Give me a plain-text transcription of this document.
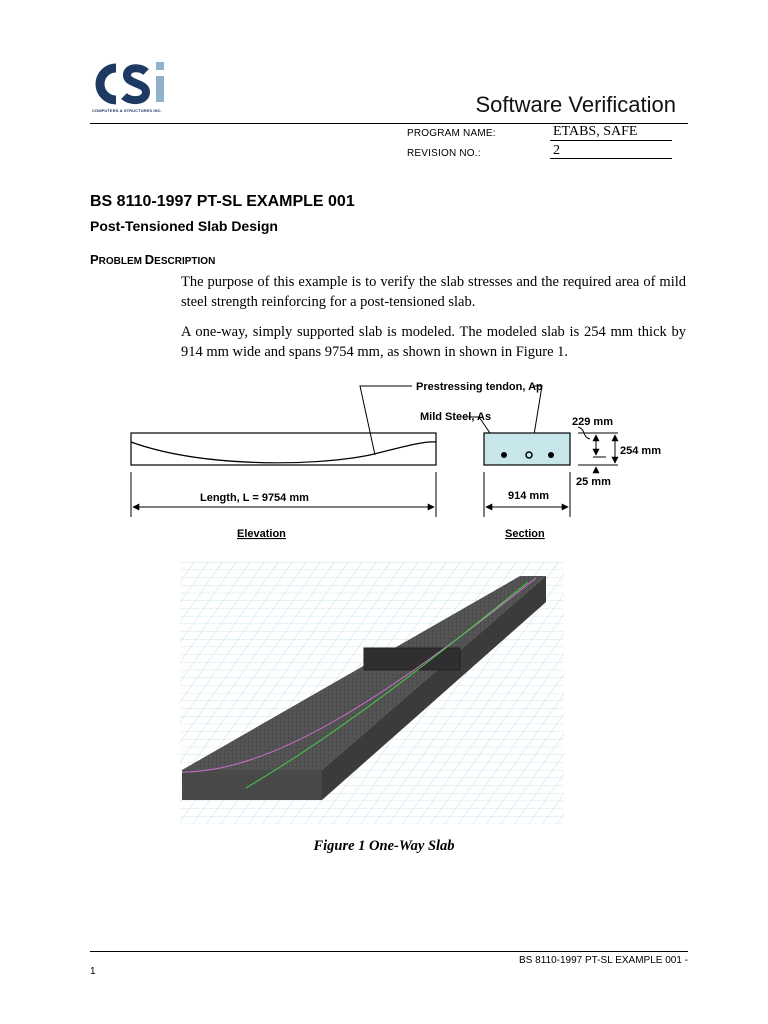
COMPUTERS & STRUCTURES INC.	Software Verification
PROGRAM NAME:	ETABS, SAFE
REVISION NO.:	2
BS 8110-1997 PT-SL EXAMPLE 001
Post-Tensioned Slab Design
PROBLEM DESCRIPTION
The purpose of this example is to verify the slab stresses and the required area of mild steel strength reinforcing for a post-tensioned slab.
A one-way, simply supported slab is modeled. The modeled slab is 254 mm thick by 914 mm wide and spans 9754 mm, as shown in shown in Figure 1.
Length, L = 9754 mm
Elevation
Prestressing tendon, Ap
Mild Steel, As
914 mm
Section
229 mm
254 mm
25 mm
Figure 1 One-Way Slab
BS 8110-1997 PT-SL EXAMPLE 001 -
1
